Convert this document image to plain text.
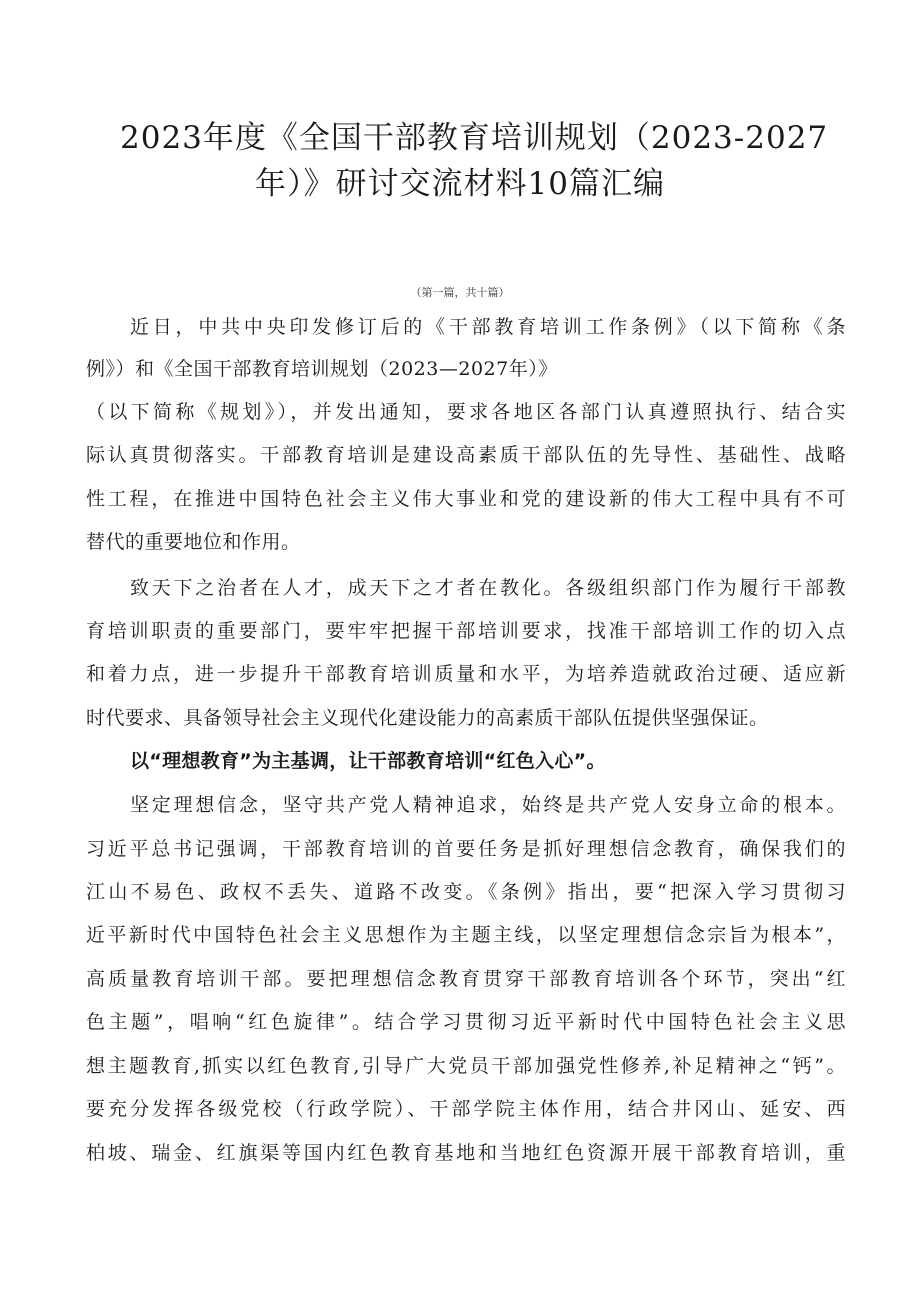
2023年度《全国干部教育培训规划（2023-2027
年）》研讨交流材料10篇汇编
（第一篇，共十篇）
近日，中共中央印发修订后的《干部教育培训工作条例》（以下简称《条
例》）和《全国干部教育培训规划（2023—2027年）》
（以下简称《规划》），并发出通知，要求各地区各部门认真遵照执行、结合实
际认真贯彻落实。干部教育培训是建设高素质干部队伍的先导性、基础性、战略
性工程，在推进中国特色社会主义伟大事业和党的建设新的伟大工程中具有不可
替代的重要地位和作用。
致天下之治者在人才，成天下之才者在教化。各级组织部门作为履行干部教
育培训职责的重要部门，要牢牢把握干部培训要求，找准干部培训工作的切入点
和着力点，进一步提升干部教育培训质量和水平，为培养造就政治过硬、适应新
时代要求、具备领导社会主义现代化建设能力的高素质干部队伍提供坚强保证。
以“理想教育”为主基调，让干部教育培训“红色入心”。
坚定理想信念，坚守共产党人精神追求，始终是共产党人安身立命的根本。
习近平总书记强调，干部教育培训的首要任务是抓好理想信念教育，确保我们的
江山不易色、政权不丢失、道路不改变。《条例》指出，要“把深入学习贯彻习
近平新时代中国特色社会主义思想作为主题主线，以坚定理想信念宗旨为根本”，
高质量教育培训干部。要把理想信念教育贯穿干部教育培训各个环节，突出“红
色主题”，唱响“红色旋律”。结合学习贯彻习近平新时代中国特色社会主义思
想主题教育,抓实以红色教育,引导广大党员干部加强党性修养,补足精神之“钙”。
要充分发挥各级党校（行政学院）、干部学院主体作用，结合井冈山、延安、西
柏坡、瑞金、红旗渠等国内红色教育基地和当地红色资源开展干部教育培训，重
